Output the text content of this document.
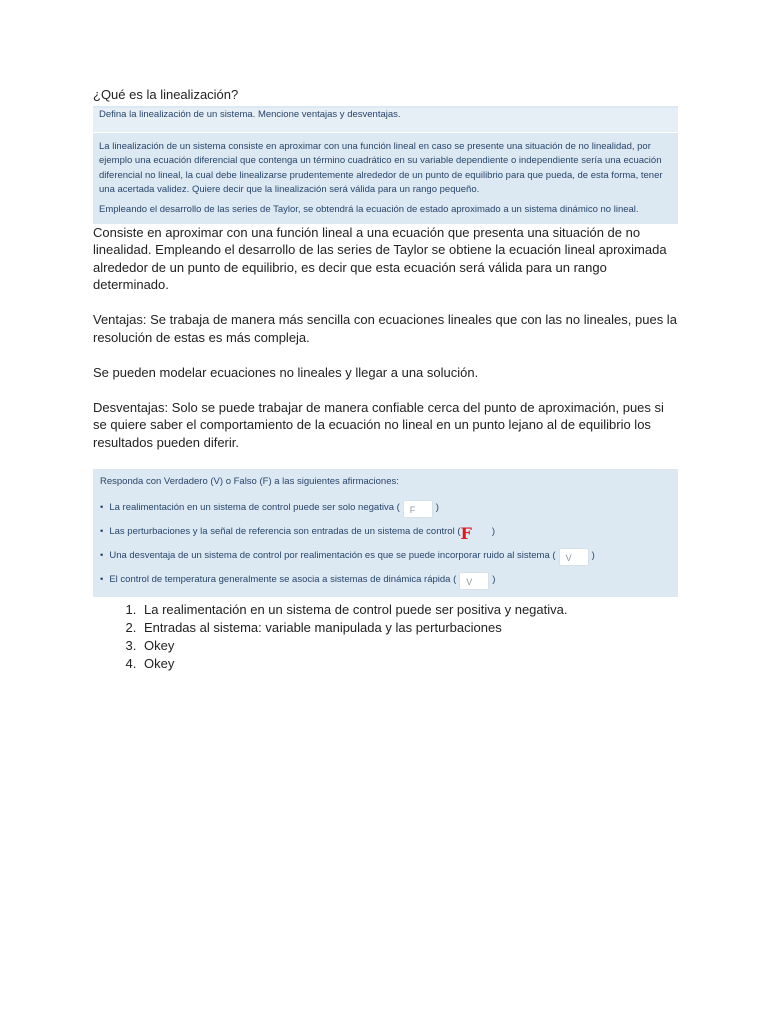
¿Qué es la linealización?

Defina la linealización de un sistema. Mencione ventajas y desventajas.

La linealización de un sistema consiste en aproximar con una función lineal en caso se presente una situación de no linealidad, por ejemplo una ecuación diferencial que contenga un término cuadrático en su variable dependiente o independiente sería una ecuación diferencial no lineal, la cual debe linealizarse prudentemente alrededor de un punto de equilibrio para que pueda, de esta forma, tener una acertada validez. Quiere decir que la linealización será válida para un rango pequeño.

Empleando el desarrollo de las series de Taylor, se obtendrá la ecuación de estado aproximado a un sistema dinámico no lineal.

Consiste en aproximar con una función lineal a una ecuación que presenta una situación de no linealidad. Empleando el desarrollo de las series de Taylor se obtiene la ecuación lineal aproximada alrededor de un punto de equilibrio, es decir que esta ecuación será válida para un rango determinado.

Ventajas: Se trabaja de manera más sencilla con ecuaciones lineales que con las no lineales, pues la resolución de estas es más compleja.

Se pueden modelar ecuaciones no lineales y llegar a una solución.

Desventajas: Solo se puede trabajar de manera confiable cerca del punto de aproximación, pues si se quiere saber el comportamiento de la ecuación no lineal en un punto lejano al de equilibrio los resultados pueden diferir.

Responda con Verdadero (V) o Falso (F) a las siguientes afirmaciones:
• La realimentación en un sistema de control puede ser solo negativa (	F	)
• Las perturbaciones y la señal de referencia son entradas de un sistema de control ( F )
• Una desventaja de un sistema de control por realimentación es que se puede incorporar ruido al sistema (	V	)
• El control de temperatura generalmente se asocia a sistemas de dinámica rápida (	V	)
1. La realimentación en un sistema de control puede ser positiva y negativa.
2. Entradas al sistema: variable manipulada y las perturbaciones
3. Okey
4. Okey
